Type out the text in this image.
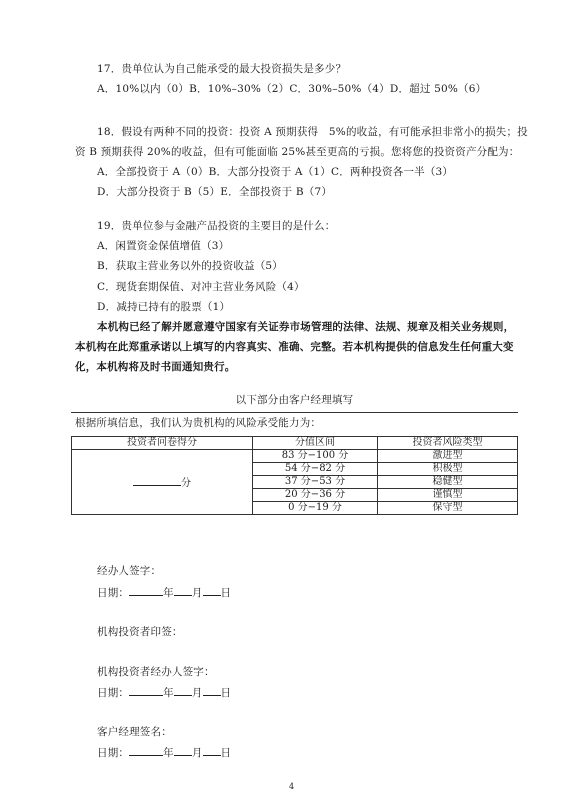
17．贵单位认为自己能承受的最大投资损失是多少？
A．10%以内（0）B．10%–30%（2）C．30%–50%（4）D．超过 50%（6）
18．假设有两种不同的投资：投资 A 预期获得　5%的收益，有可能承担非常小的损失；投
资 B 预期获得 20%的收益，但有可能面临 25%甚至更高的亏损。您将您的投资资产分配为：
A．全部投资于 A（0）B．大部分投资于 A（1）C．两种投资各一半（3）
D．大部分投资于 B（5）E．全部投资于 B（7）
19．贵单位参与金融产品投资的主要目的是什么：
A．闲置资金保值增值（3）
B．获取主营业务以外的投资收益（5）
C．现货套期保值、对冲主营业务风险（4）
D．减持已持有的股票（1）
本机构已经了解并愿意遵守国家有关证券市场管理的法律、法规、规章及相关业务规则，
本机构在此郑重承诺以上填写的内容真实、准确、完整。若本机构提供的信息发生任何重大变
化，本机构将及时书面通知贵行。
以下部分由客户经理填写
根据所填信息，我们认为贵机构的风险承受能力为：
投资者问卷得分	分值区间	投资者风险类型
分	83 分−100 分	激进型
	54 分−82 分	积极型
	37 分−53 分	稳健型
	20 分−36 分	谨慎型
	0 分−19 分	保守型
经办人签字：
日期：	年 月 日
机构投资者印签：
机构投资者经办人签字：
日期：	年 月 日
客户经理签名：
日期：	年 月 日
4
